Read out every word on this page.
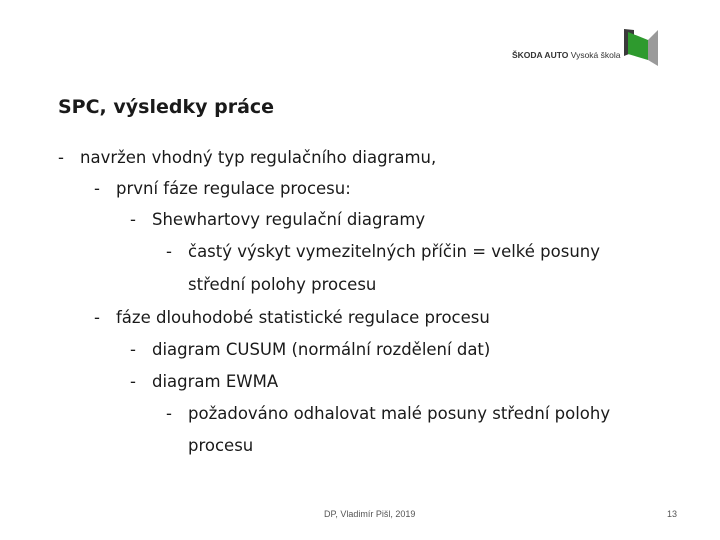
ŠKODA AUTO Vysoká škola
SPC, výsledky práce
- navržen vhodný typ regulačního diagramu,
- první fáze regulace procesu:
- Shewhartovy regulační diagramy
- častý výskyt vymezitelných příčin = velké posuny
střední polohy procesu
- fáze dlouhodobé statistické regulace procesu
- diagram CUSUM (normální rozdělení dat)
- diagram EWMA
- požadováno odhalovat malé posuny střední polohy
procesu
DP, Vladimír Pišl, 2019	13
